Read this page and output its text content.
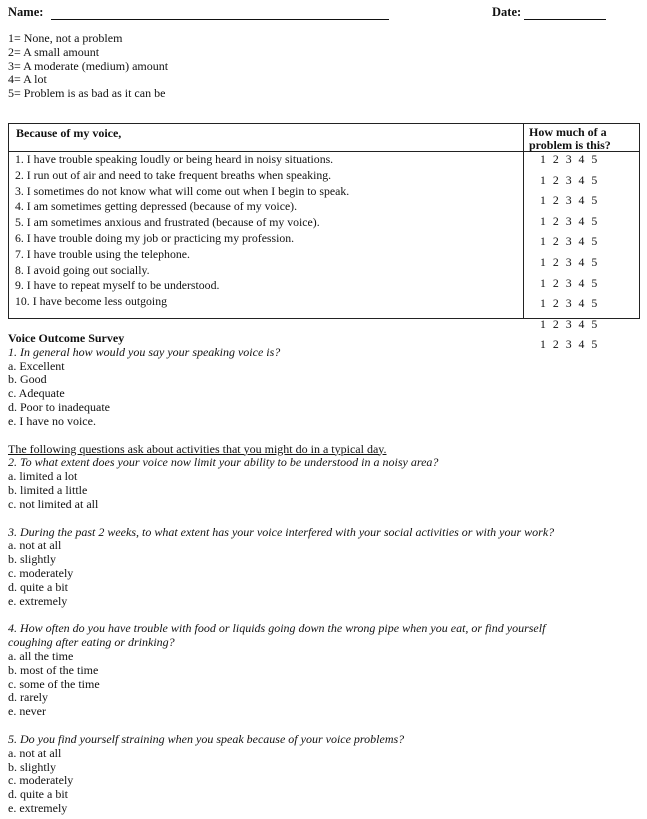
Name:	Date:
1= None, not a problem
2= A small amount
3= A moderate (medium) amount
4= A lot
5= Problem is as bad as it can be
Because of my voice,	How much of a
problem is this?
1. I have trouble speaking loudly or being heard in noisy situations.
2. I run out of air and need to take frequent breaths when speaking.
3. I sometimes do not know what will come out when I begin to speak.
4. I am sometimes getting depressed (because of my voice).
5. I am sometimes anxious and frustrated (because of my voice).
6. I have trouble doing my job or practicing my profession.
7. I have trouble using the telephone.
8. I avoid going out socially.
9. I have to repeat myself to be understood.
10. I have become less outgoing
1 2 3 4 5
1 2 3 4 5
1 2 3 4 5
1 2 3 4 5
1 2 3 4 5
1 2 3 4 5
1 2 3 4 5
1 2 3 4 5
1 2 3 4 5
1 2 3 4 5
Voice Outcome Survey
1. In general how would you say your speaking voice is?
a. Excellent
b. Good
c. Adequate
d. Poor to inadequate
e. I have no voice.
The following questions ask about activities that you might do in a typical day.
2. To what extent does your voice now limit your ability to be understood in a noisy area?
a. limited a lot
b. limited a little
c. not limited at all
3. During the past 2 weeks, to what extent has your voice interfered with your social activities or with your work?
a. not at all
b. slightly
c. moderately
d. quite a bit
e. extremely
4. How often do you have trouble with food or liquids going down the wrong pipe when you eat, or find yourself
coughing after eating or drinking?
a. all the time
b. most of the time
c. some of the time
d. rarely
e. never
5. Do you find yourself straining when you speak because of your voice problems?
a. not at all
b. slightly
c. moderately
d. quite a bit
e. extremely
